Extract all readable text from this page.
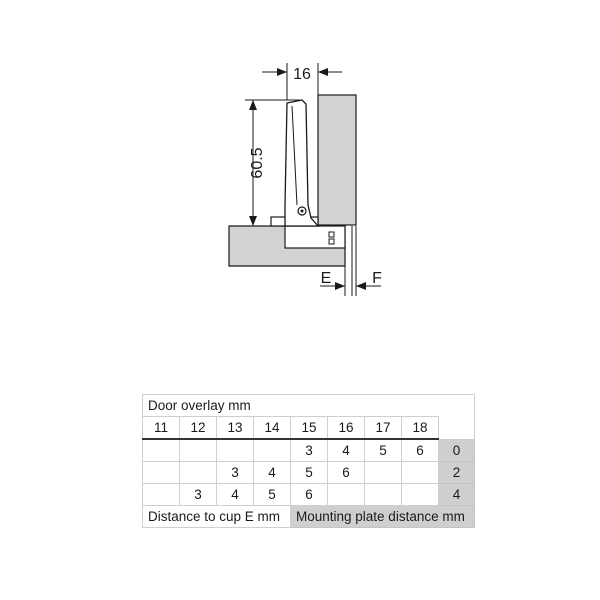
16
60.5
E	F
Door overlay mm								
11	12	13	14	15	16	17	18	
				3	4	5	6	0
		3	4	5	6			2
	3	4	5	6				4
Distance to cup E mm				Mounting plate distance mm				
